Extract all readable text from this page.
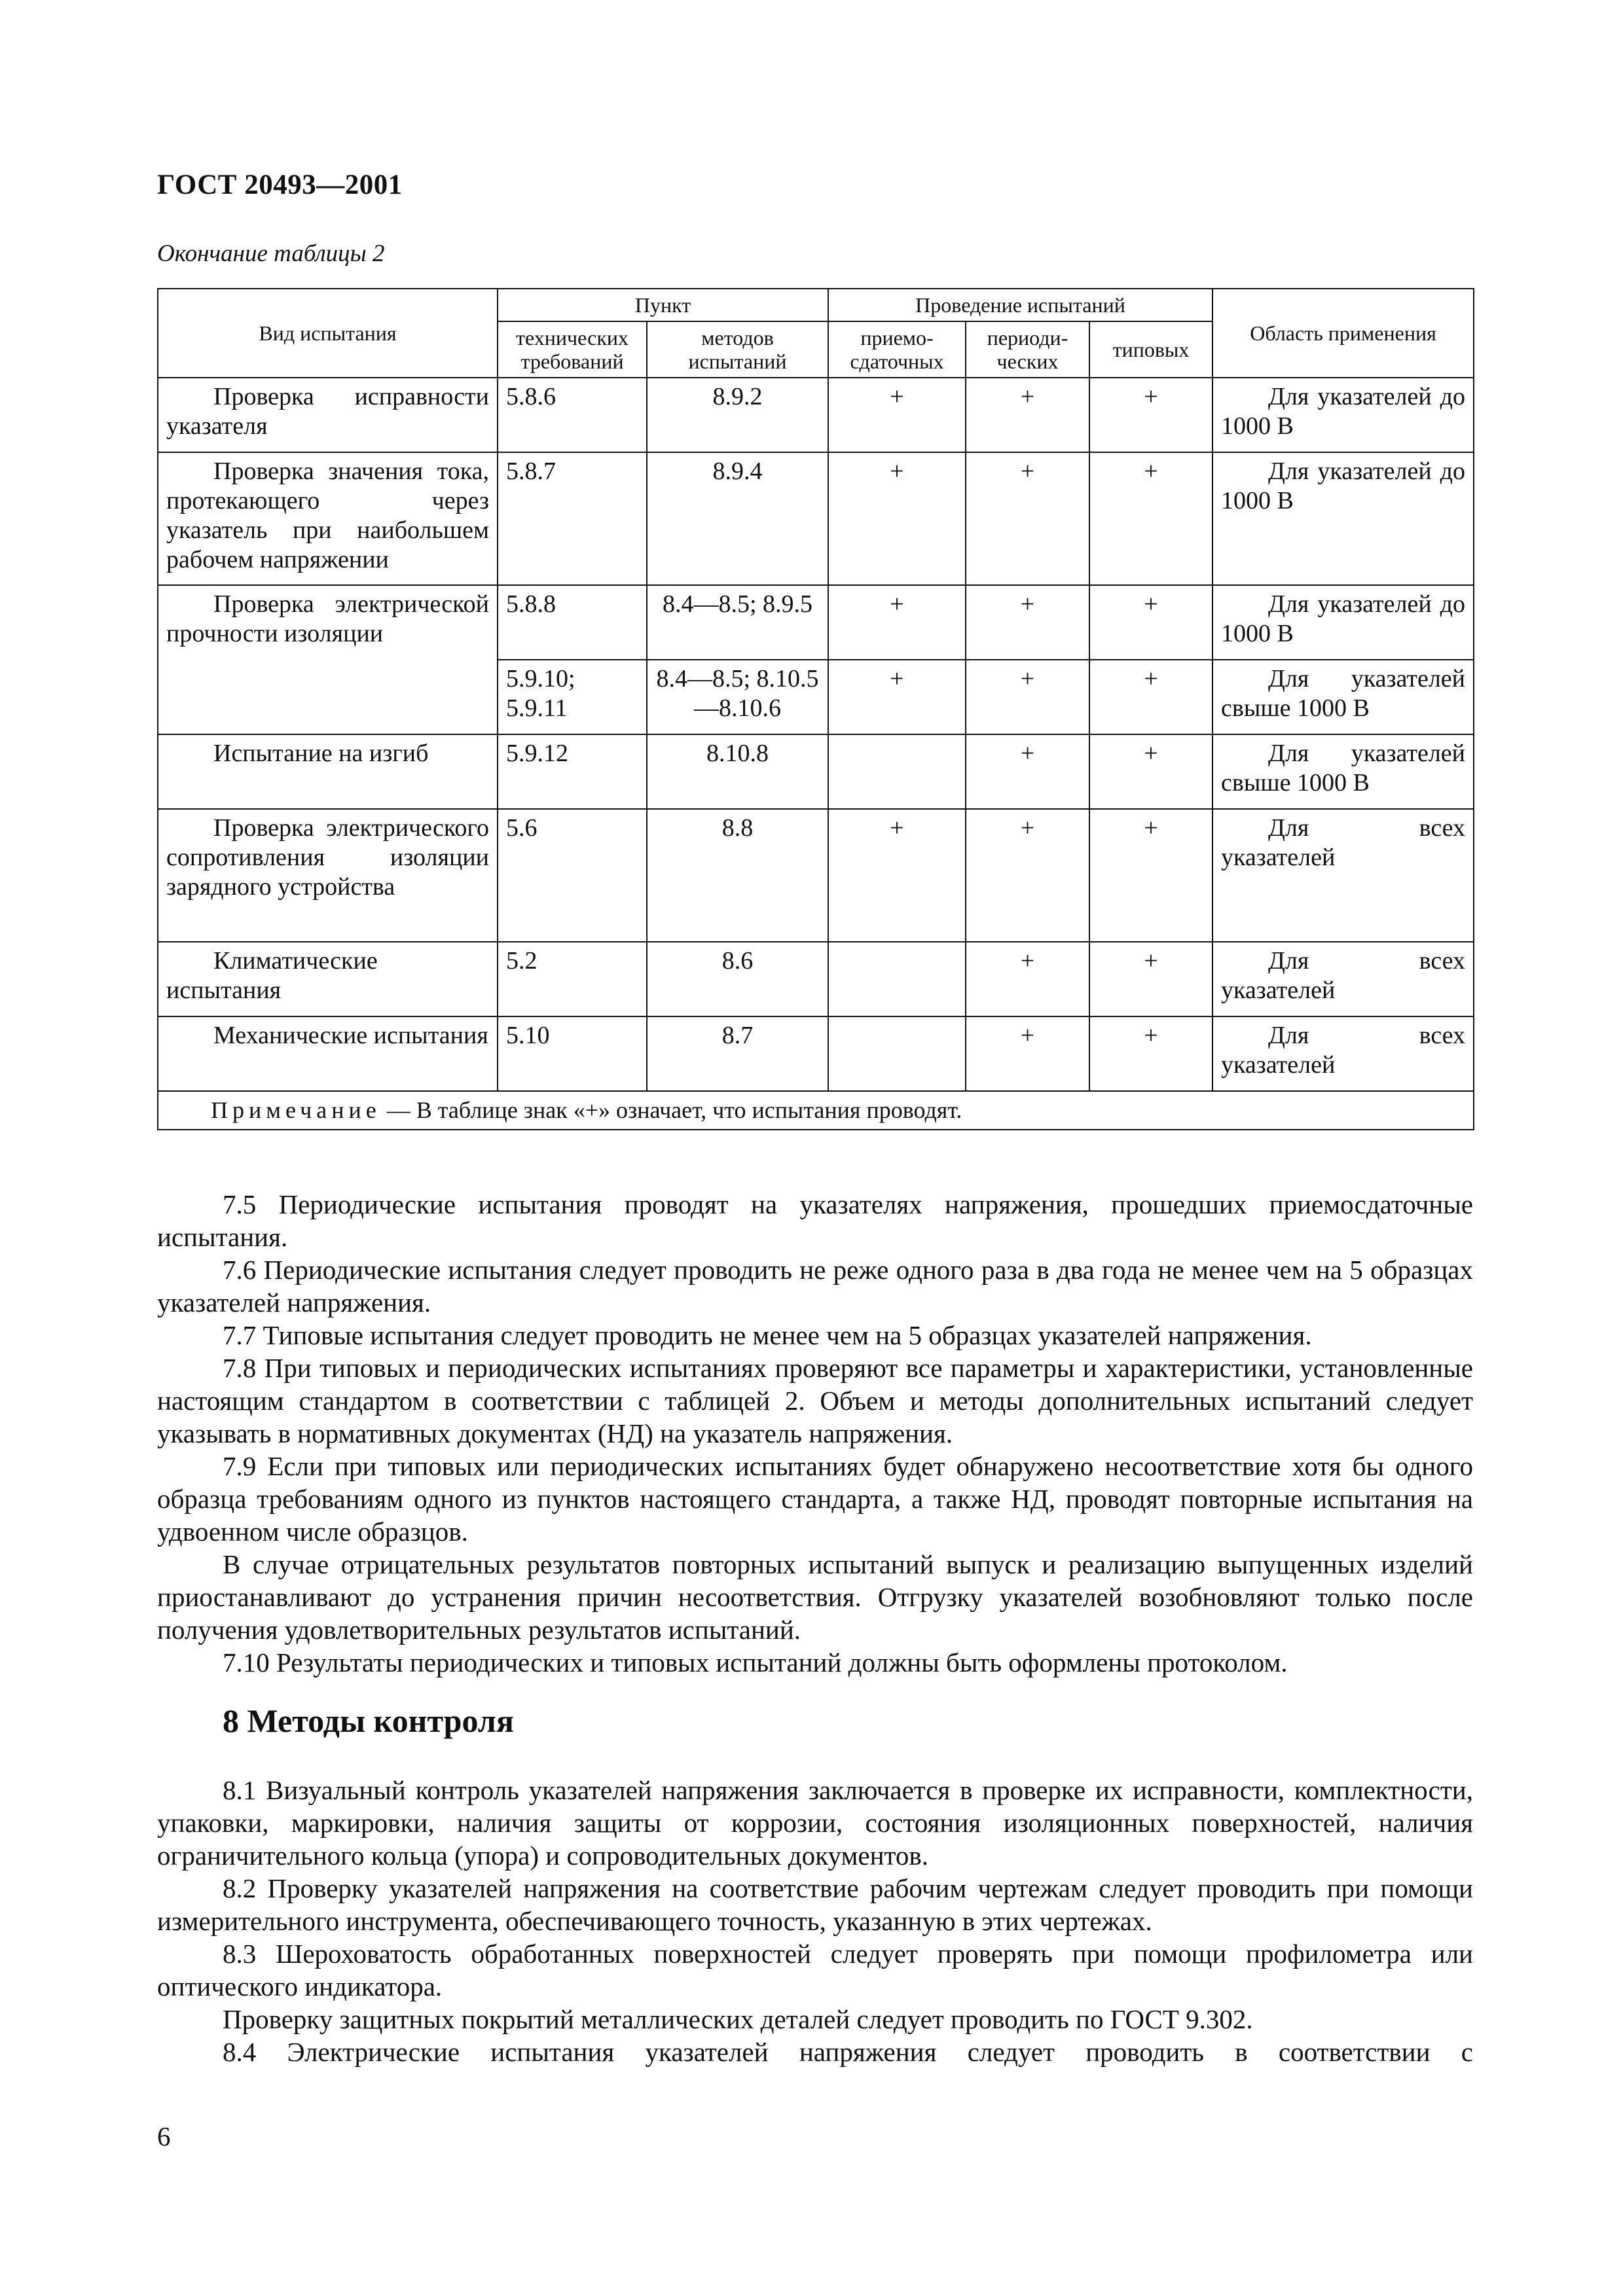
ГОСТ 20493—2001
Окончание таблицы 2
Вид испытания	Пункт		Проведение испытаний			Область применения
	технических требований	методов испытаний	приемо-сдаточных	периоди-ческих	типовых	
Проверка исправности указателя	5.8.6	8.9.2	+	+	+	Для указателей до 1000 В
Проверка значения тока, протекающего через указатель при наибольшем рабочем напряжении	5.8.7	8.9.4	+	+	+	Для указателей до 1000 В
Проверка электрической прочности изоляции	5.8.8	8.4—8.5; 8.9.5	+	+	+	Для указателей до 1000 В
	5.9.10; 5.9.11	8.4—8.5; 8.10.5—8.10.6	+	+	+	Для указателей свыше 1000 В
Испытание на изгиб	5.9.12	8.10.8		+	+	Для указателей свыше 1000 В
Проверка электрического сопротивления изоляции зарядного устройства	5.6	8.8	+	+	+	Для всех указателей
Климатические испытания	5.2	8.6		+	+	Для всех указателей
Механические испытания	5.10	8.7		+	+	Для всех указателей
Примечание — В таблице знак «+» означает, что испытания проводят.						

7.5 Периодические испытания проводят на указателях напряжения, прошедших приемосдаточные испытания.

7.6 Периодические испытания следует проводить не реже одного раза в два года не менее чем на 5 образцах указателей напряжения.

7.7 Типовые испытания следует проводить не менее чем на 5 образцах указателей напряжения.

7.8 При типовых и периодических испытаниях проверяют все параметры и характеристики, установленные настоящим стандартом в соответствии с таблицей 2. Объем и методы дополнительных испытаний следует указывать в нормативных документах (НД) на указатель напряжения.

7.9 Если при типовых или периодических испытаниях будет обнаружено несоответствие хотя бы одного образца требованиям одного из пунктов настоящего стандарта, а также НД, проводят повторные испытания на удвоенном числе образцов.

В случае отрицательных результатов повторных испытаний выпуск и реализацию выпущенных изделий приостанавливают до устранения причин несоответствия. Отгрузку указателей возобновляют только после получения удовлетворительных результатов испытаний.

7.10 Результаты периодических и типовых испытаний должны быть оформлены протоколом.

8 Методы контроля

8.1 Визуальный контроль указателей напряжения заключается в проверке их исправности, комплектности, упаковки, маркировки, наличия защиты от коррозии, состояния изоляционных поверхностей, наличия ограничительного кольца (упора) и сопроводительных документов.

8.2 Проверку указателей напряжения на соответствие рабочим чертежам следует проводить при помощи измерительного инструмента, обеспечивающего точность, указанную в этих чертежах.

8.3 Шероховатость обработанных поверхностей следует проверять при помощи профилометра или оптического индикатора.

Проверку защитных покрытий металлических деталей следует проводить по ГОСТ 9.302.

8.4 Электрические испытания указателей напряжения следует проводить в соответствии с

6
